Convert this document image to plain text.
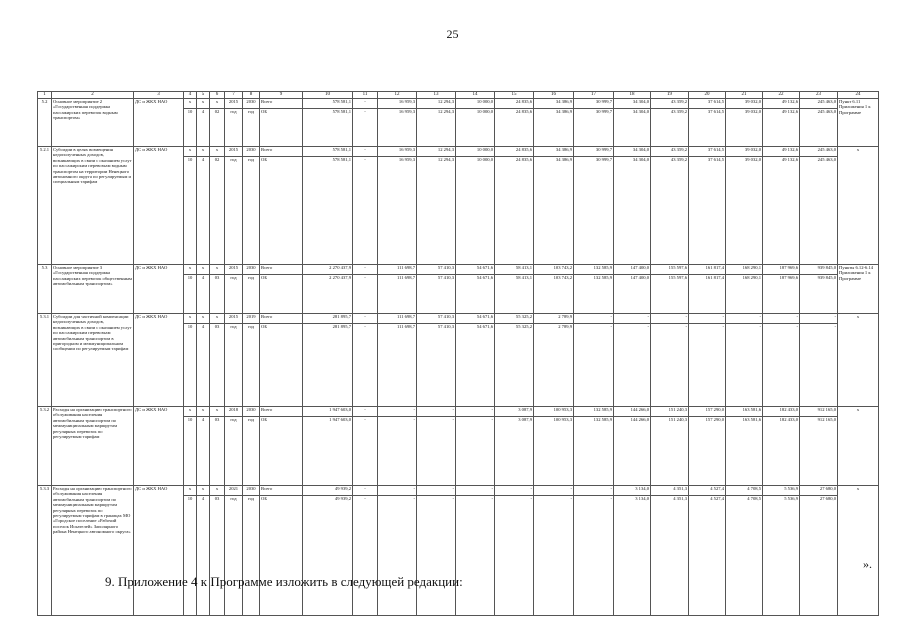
25
1	2	3	4	5	6	7	8	9	10	11	12	13	14	15	16	17	18	19	20	21	22	23	24
5.2	Основное мероприятие 2 «Государственная поддержка пассажирских перевозок водным транспортом»	ДС и ЖКХ НАО	x	x	x	2015	2030	Всего	578 581,1	-	16 959,3	12 294,3	10 000,0	24 835,6	34 386,9	30 999,7	34 304,0	43 359,2	37 614,5	39 032,0	49 132,6	245 463,0	Пункт 6.11 Приложения 1 к Программе
			10	4	02	год	год	ОБ	578 581,1	-	16 959,3	12 294,3	10 000,0	24 835,6	34 386,9	30 999,7	34 304,0	43 359,2	37 614,5	39 032,0	49 132,6	245 463,0	
5.2.1	Субсидии в целях возмещения недополученных доходов, возникающих в связи с оказанием услуг по пассажирским перевозкам водным транспортом на территории Ненецкого автономного округа по регулируемым и специальным тарифам	ДС и ЖКХ НАО	x	x	x	2015	2030	Всего	578 581,1	-	16 959,3	12 294,3	10 000,0	24 835,6	34 386,9	30 999,7	34 304,0	43 359,2	37 614,5	39 032,0	49 132,6	245 463,0	x
			10	4	02	год	год	ОБ	578 581,1	-	16 959,3	12 294,3	10 000,0	24 835,6	34 386,9	30 999,7	34 304,0	43 359,2	37 614,5	39 032,0	49 132,6	245 463,0	
5.3	Основное мероприятие 3 «Государственная поддержка пассажирских перевозок общественным автомобильным транспортом»	ДС и ЖКХ НАО	x	x	x	2015	2030	Всего	2 270 437,9	-	111 698,7	57 410,3	54 671,6	58 413,1	103 743,2	132 585,9	147 400,0	155 597,6	161 817,4	168 290,1	187 969,6	939 845,0	Пункты 6.12-6.14 Приложения 1 к Программе
			10	4	03	год	год	ОБ	2 270 437,9	-	111 698,7	57 410,3	54 671,6	58 413,1	103 743,2	132 585,9	147 400,0	155 597,6	161 817,4	168 290,1	187 969,6	939 845,0	
5.3.1	Субсидии для частичной компенсации недополученных доходов, возникающих в связи с оказанием услуг по пассажирским перевозкам автомобильным транспортом в пригородном и межмуниципальном сообщении по регулируемым тарифам	ДС и ЖКХ НАО	x	x	x	2015	2019	Всего	281 895,7	-	111 698,7	57 410,3	54 671,6	55 325,2	2 789,9	-	-	-	-	-	-	-	x
			10	4	03	год	год	ОБ	281 895,7	-	111 698,7	57 410,3	54 671,6	55 325,2	2 789,9	-	-	-	-	-	-	-	
5.3.2	Расходы на организацию транспортного обслуживания населения автомобильным транспортом по межмуниципальным маршрутам регулярных перевозок по регулируемым тарифам	ДС и ЖКХ НАО	x	x	x	2018	2030	Всего	1 947 603,0	-	-	-	-	3 087,9	100 953,3	132 585,9	144 266,0	151 240,3	157 290,0	163 581,6	182 433,0	912 165,0	x
			10	4	03	год	год	ОБ	1 947 603,0	-	-	-	-	3 087,9	100 953,3	132 585,9	144 266,0	151 240,3	157 290,0	163 581,6	182 433,0	912 165,0	
5.3.3	Расходы на организацию транспортного обслуживания населения автомобильным транспортом по межмуниципальным маршрутам регулярных перевозок по регулируемым тарифам в границах МО «Городское поселение «Рабочий поселок Искателей» Заполярного района Ненецкого автономного округа»	ДС и ЖКХ НАО	x	x	x	2021	2030	Всего	49 939,2	-	-	-	-	-	-	-	3 134,0	4 351,3	4 527,4	4 708,5	5 536,9	27 680,0	x
			10	4	03	год	год	ОБ	49 939,2	-	-	-	-	-	-	-	3 134,0	4 351,3	4 527,4	4 708,5	5 536,9	27 680,0	
».
9. Приложение 4 к Программе изложить в следующей редакции:
